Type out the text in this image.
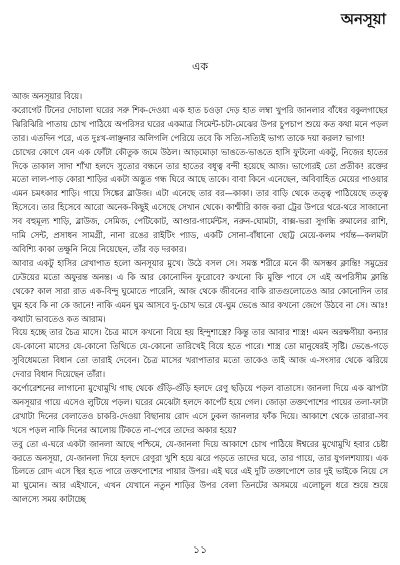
অনসূয়া
এক

আজ অনসূয়ার বিয়ে।

করোগেট টিনের দোচালা ঘরের সরু শিক-দেওয়া এক হাত চওড়া দেড় হাত লম্বা খুপরি জানলার বাঁধের বকুলগাছের ঝিরিঝিরি পাতায় চোখ পাঠিয়ে অপরিসর ঘরের একমাত্র সিমেন্ট-চটা-মেঝের উপর চুপচাপ শুয়ে কত কথা মনে পড়ল তার। এতদিন পরে, এত দুঃখ-লাঞ্ছনার অলিগলি পেরিয়ে তবে কি সত্যি-সত্যিই ভাগ্য তাকে দয়া করল? ভাগ্য!

চোখের কোণে যেন এক ফোঁটা কৌতুক জমে উঠল। আড়মোড়া ভাঙতে-ভাঙতে হাসি ফুটলো একটু, নিজের হাতের দিকে তাকাল সাদা শাঁখা হলদে সুতোর বন্ধনে তার হাতের বধূত্ব বন্দী হয়েছে আজ। ভাগ্যেরই তো প্রতীক! রক্তের মতো লাল-পাড় কোরা শাড়ির একটা অদ্ভুত গন্ধ ঘিরে আছে তাকে। বাবা কিনে এনেছেন, অবিবাহিত মেয়ের পাওয়ার এমন চমৎকার শাড়ি। গায়ে সিঙ্কের ব্লাউজ। এটা এনেছে তার বর—কাকা। তার বাড়ি থেকে তত্ত্ব পাঠিয়েছে তত্ত্ব হিসেবে। তার হিসেবে আরো অনেক-কিছুই এসেছে সেখান থেকে। কাশ্মীরি কাজ করা ট্রের উপরে থরে-থরে সাজানো সব বহুমূল্য শাড়ি, ব্লাউজ, সেমিজ, পেটিকোট, আণ্ডার-গার্মেন্টস, নরুন-ঘোমটা, বাক্স-ভরা সুগন্ধি রুমালের রাশি, দামি সেন্ট, প্রসাধন সামগ্রী, নানা রঙের রাইটিং প্যাড, একটি সোনা-বাঁধানো ছোট্ট মেয়ে-কলম পর্যন্ত—কলমটা অবিশ্যি কাকা তক্ষুনি নিয়ে নিয়েছেন, তাঁর বড় দরকার।

আবার একটু হাসির রেখাপাত হলো অনসূয়ার মুখে। উঠে বসল সে। সমস্ত শরীরে মনে কী অসম্ভব ক্লান্তি! সমুদ্রের ঢেউয়ের মতো অফুরন্ত অনন্ত। এ কি আর কোনোদিন ফুরোবে? কখনো কি মুক্তি পাবে সে এই অপরিসীম ক্লান্তি থেকে? কাল সারা রাত এক-বিন্দু ঘুমোতে পারেনি, আজ থেকে জীবনের বাকি রাতগুলোতেও আর কোনোদিন তার ঘুম হবে কি না কে জানে! নাকি এমন ঘুম আসবে দু-চোখ ভরে যে-ঘুম ভেঙে আর কখনো জেগে উঠবে না সে। আঃ! কথাটা ভাবতেও কত আরাম।

বিয়ে হচ্ছে তার চৈত্র মাসে। চৈত্র মাসে কখনো বিয়ে হয় হিন্দুশাস্ত্রে? কিন্তু তার আবার শাস্ত্র! এমন অরক্ষণীয়া কন্যার যে-কোনো মাসের যে-কোনো তিথিতে যে-কোনো তারিখেই বিয়ে হতে পারে। শাস্ত্র তো মানুষেরই সৃষ্টি। ভেঙে-গড়ে সুবিধেমতো বিধান তো তারাই দেবেন। চৈত্র মাসের খরাপাতার মতো তাকেও তাই আজ এ-সংসার থেকে ঝরিয়ে দেবার বিধান দিয়েছেন তাঁরা।

কর্পোরেশনের লাগানো মুখোমুখি গাছ থেকে গুঁড়ি-গুঁড়ি হলদে রেণু ছড়িয়ে পড়ল বাতাসে। জানলা দিয়ে এক ঝাপটা অনসূয়ার গায়ে এসেও লুটিয়ে পড়ল। ঘরের মেঝেটা হলদে কার্পেট হয়ে গেল। জোড়া তক্তপোশের পায়ের তলা-ফাটা রেখাটা দিনের বেলাতেও চাকরি-দেওয়া বিছানায় রোদ এসে ঢুকল জানলার ফাঁক দিয়ে। আকাশে থেকে তারারা-সব খসে পড়ল নাকি দিনের আলোয় টিকতে না-পেরে তাদের অকার হয়ে?

তবু তো এ-ঘরে একটা জানলা আছে পশ্চিমে, যে-জানলা দিয়ে আকাশে চোখ পাঠিয়ে ঈশ্বরের মুখোমুখি হবার চেষ্টা করতে অনসূয়া, যে-জানলা দিয়ে হলদে রেণুরা খুশি হয়ে ঝরে পড়তে তাদের ঘরে, তার গায়ে, তার যুগলশয্যায়। এক চিলতে রোদ এসে স্থির হতে পারে তক্তপোশের পায়ার উপর। এই ঘরে এই দুটি তক্তাপোশে তার দুই ভাইকে নিয়ে সে মা ঘুমোন। আর এইখানে, এখন যেখানে নতুন শাড়ির উপর বেলা তিনটের অসময়ে এলোচুল ধরে শুয়ে শুয়ে আলস্যে সময় কাটাচ্ছে

১১
